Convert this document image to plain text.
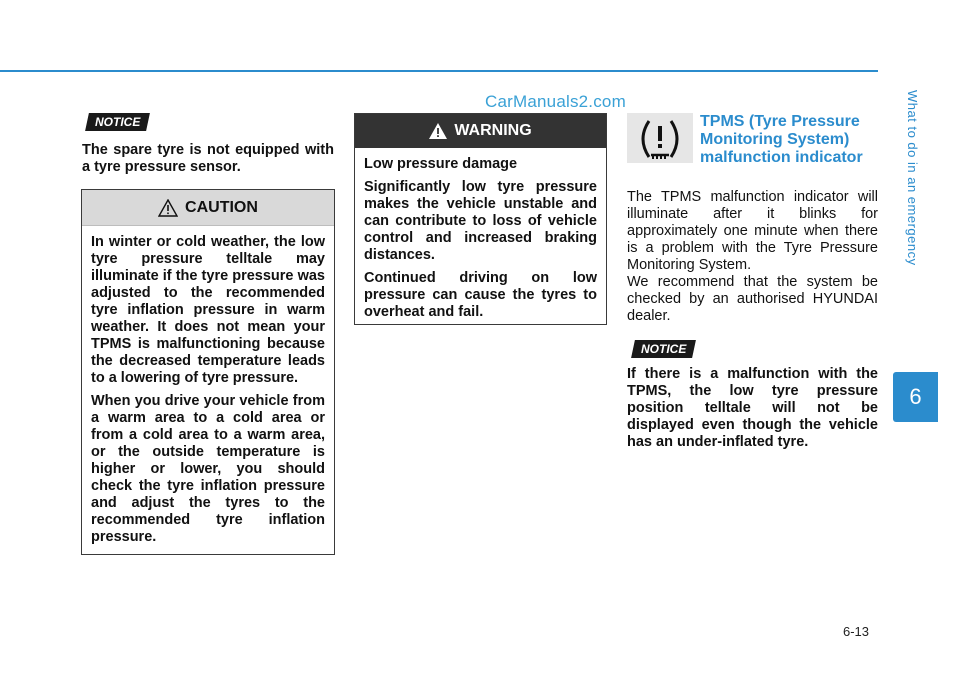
CarManuals2.com	What to do in an emergency
6
NOTICE
The spare tyre is not equipped with a tyre pressure sensor.
CAUTION

In winter or cold weather, the low tyre pressure telltale may illuminate if the tyre pressure was adjusted to the recommended tyre inflation pressure in warm weather. It does not mean your TPMS is malfunctioning because the decreased temperature leads to a lowering of tyre pressure.

When you drive your vehicle from a warm area to a cold area or from a cold area to a warm area, or the outside temperature is higher or lower, you should check the tyre inflation pressure and adjust the tyres to the recommended tyre inflation pressure.

WARNING

Low pressure damage

Significantly low tyre pressure makes the vehicle unstable and can contribute to loss of vehicle control and increased braking distances.

Continued driving on low pressure can cause the tyres to overheat and fail.

TPMS (Tyre Pressure
Monitoring System)
malfunction indicator
The TPMS malfunction indicator will illuminate after it blinks for approximately one minute when there is a problem with the Tyre Pressure Monitoring System.
We recommend that the system be checked by an authorised HYUNDAI dealer.
NOTICE
If there is a malfunction with the TPMS, the low tyre pressure position telltale will not be displayed even though the vehicle has an under-inflated tyre.
6-13
